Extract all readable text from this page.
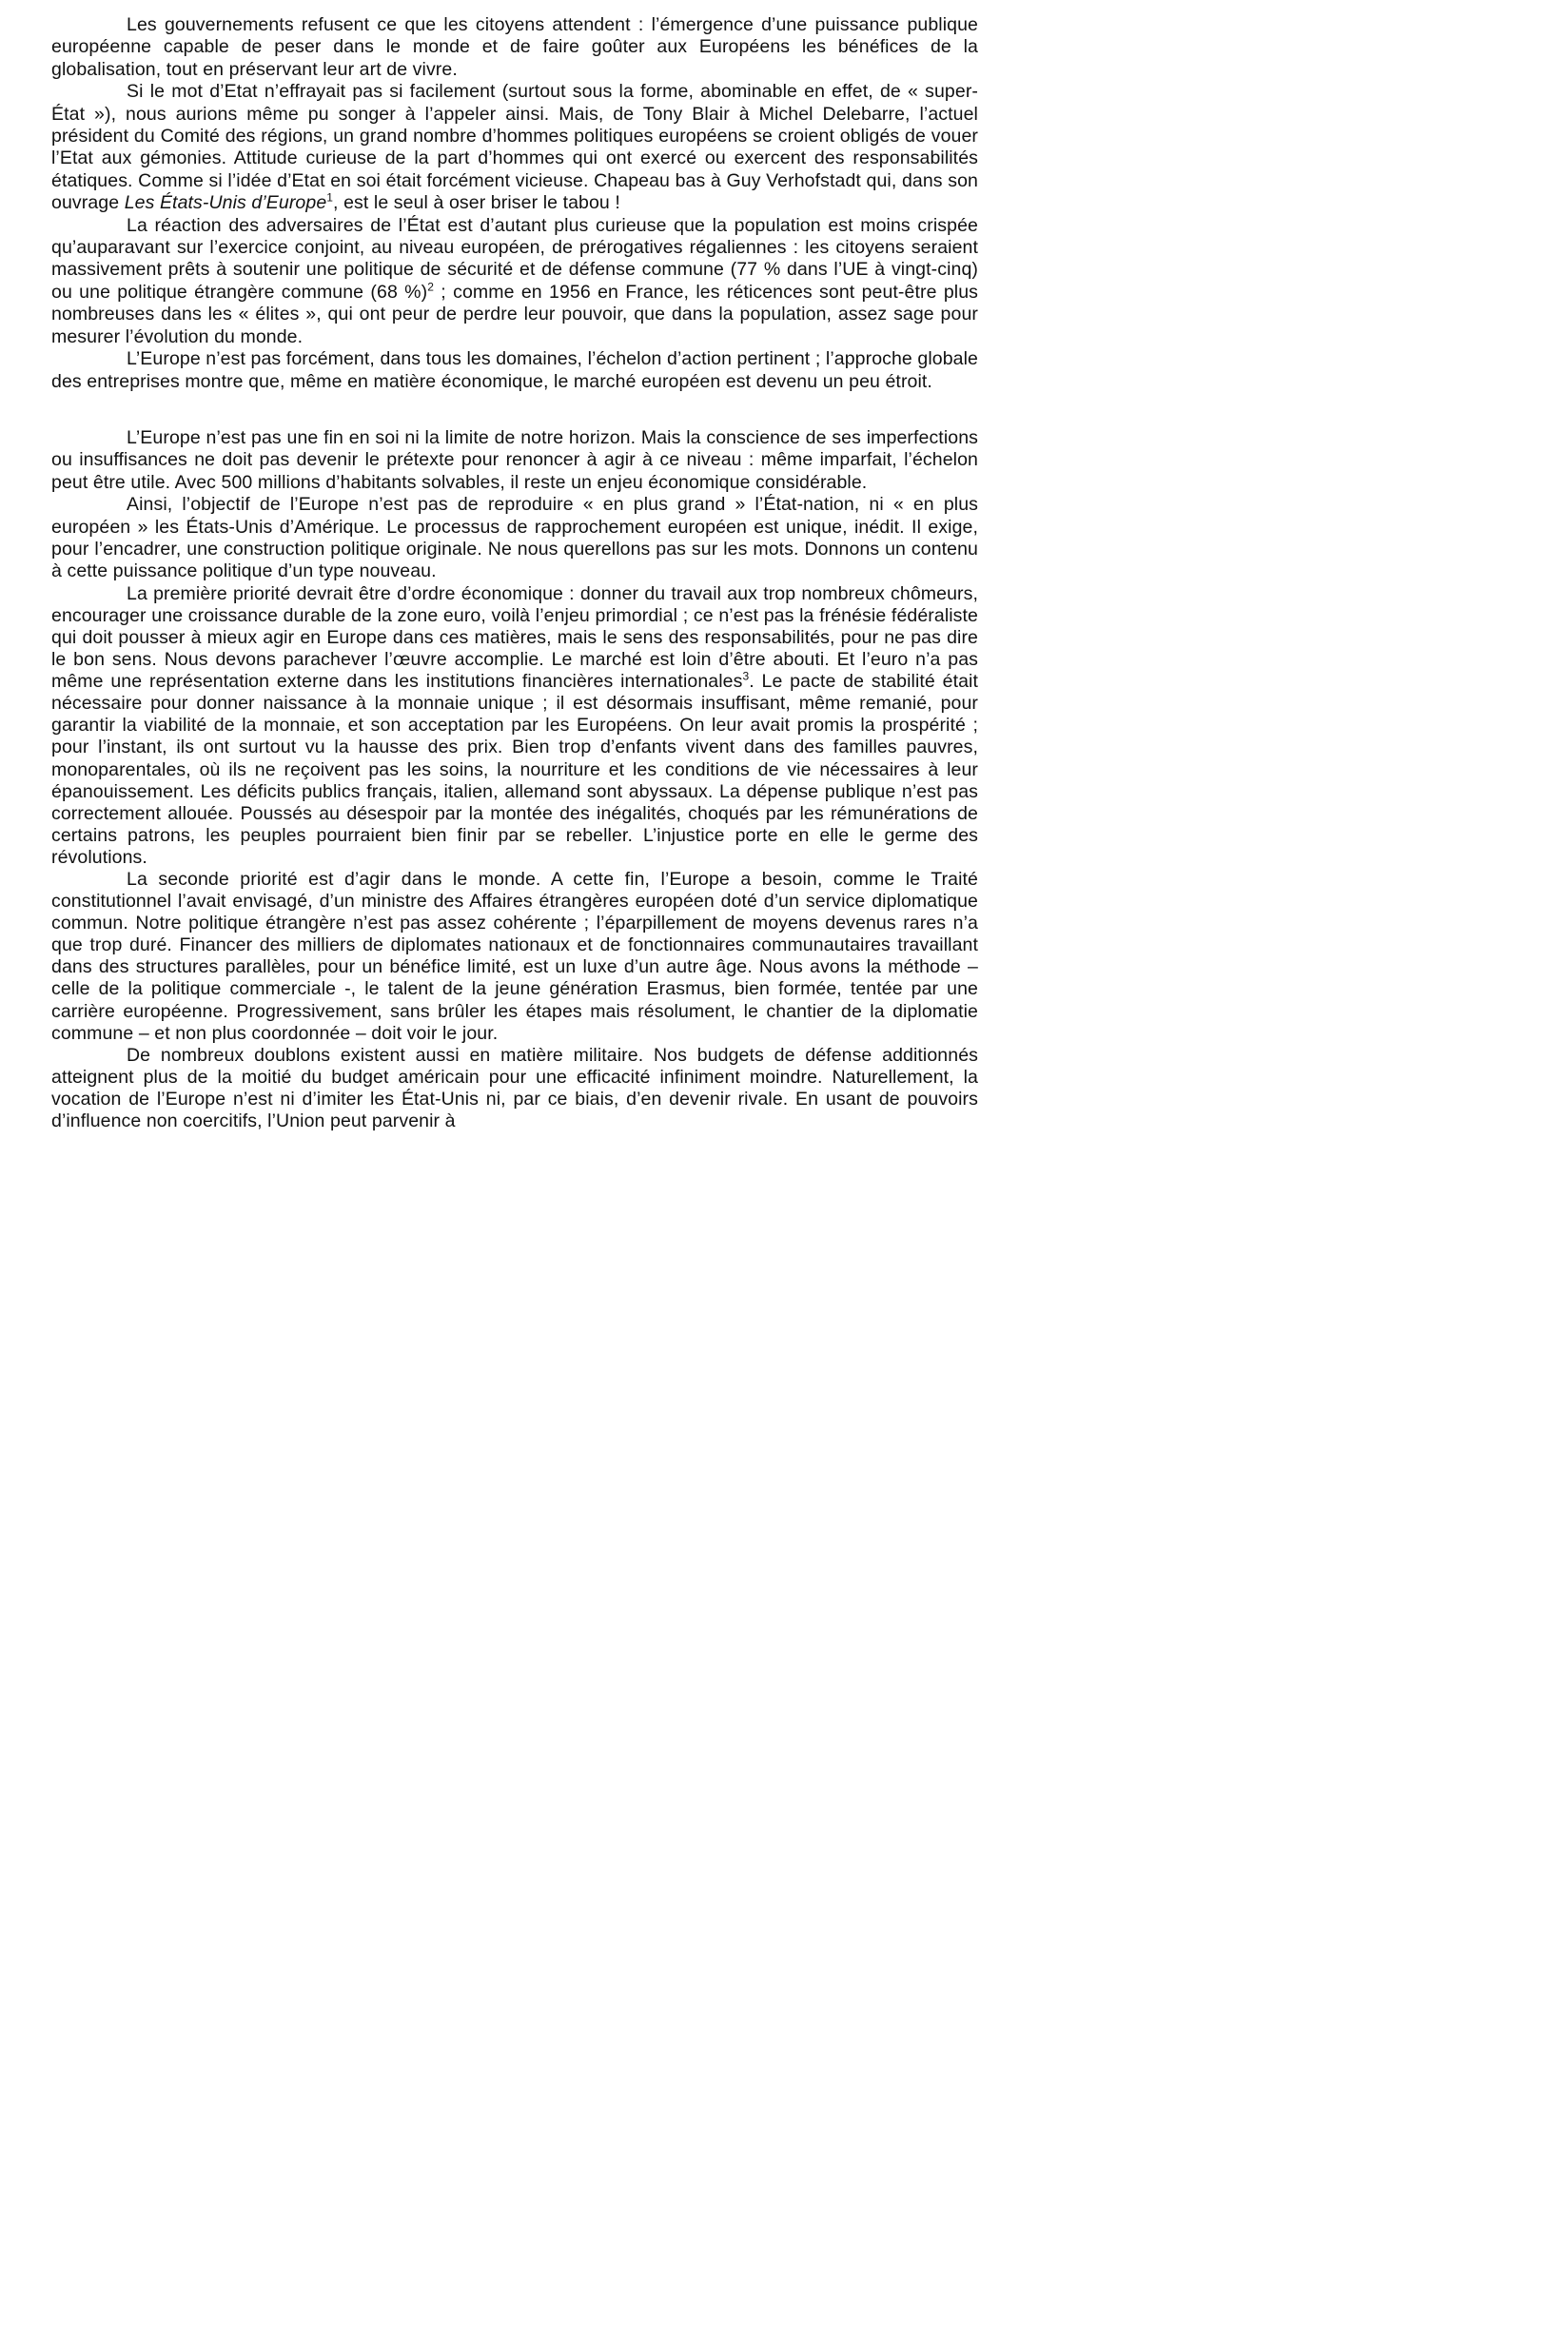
Les gouvernements refusent ce que les citoyens attendent : l’émergence d’une puissance publique européenne capable de peser dans le monde et de faire goûter aux Européens les bénéfices de la globalisation, tout en préservant leur art de vivre.

Si le mot d’Etat n’effrayait pas si facilement (surtout sous la forme, abominable en effet, de « super-État »), nous aurions même pu songer à l’appeler ainsi. Mais, de Tony Blair à Michel Delebarre, l’actuel président du Comité des régions, un grand nombre d’hommes politiques européens se croient obligés de vouer l’Etat aux gémonies. Attitude curieuse de la part d’hommes qui ont exercé ou exercent des responsabilités étatiques. Comme si l’idée d’Etat en soi était forcément vicieuse. Chapeau bas à Guy Verhofstadt qui, dans son ouvrage Les États-Unis d’Europe$^1$, est le seul à oser briser le tabou !

La réaction des adversaires de l’État est d’autant plus curieuse que la population est moins crispée qu’auparavant sur l’exercice conjoint, au niveau européen, de prérogatives régaliennes : les citoyens seraient massivement prêts à soutenir une politique de sécurité et de défense commune (77 % dans l’UE à vingt-cinq) ou une politique étrangère commune (68 %)$^2$ ; comme en 1956 en France, les réticences sont peut-être plus nombreuses dans les « élites », qui ont peur de perdre leur pouvoir, que dans la population, assez sage pour mesurer l’évolution du monde.

L’Europe n’est pas forcément, dans tous les domaines, l’échelon d’action pertinent ; l’approche globale des entreprises montre que, même en matière économique, le marché européen est devenu un peu étroit.

L’Europe n’est pas une fin en soi ni la limite de notre horizon. Mais la conscience de ses imperfections ou insuffisances ne doit pas devenir le prétexte pour renoncer à agir à ce niveau : même imparfait, l’échelon peut être utile. Avec 500 millions d’habitants solvables, il reste un enjeu économique considérable.

Ainsi, l’objectif de l’Europe n’est pas de reproduire « en plus grand » l’État-nation, ni « en plus européen » les États-Unis d’Amérique. Le processus de rapprochement européen est unique, inédit. Il exige, pour l’encadrer, une construction politique originale. Ne nous querellons pas sur les mots. Donnons un contenu à cette puissance politique d’un type nouveau.

La première priorité devrait être d’ordre économique : donner du travail aux trop nombreux chômeurs, encourager une croissance durable de la zone euro, voilà l’enjeu primordial ; ce n’est pas la frénésie fédéraliste qui doit pousser à mieux agir en Europe dans ces matières, mais le sens des responsabilités, pour ne pas dire le bon sens. Nous devons parachever l’œuvre accomplie. Le marché est loin d’être abouti. Et l’euro n’a pas même une représentation externe dans les institutions financières internationales$^3$. Le pacte de stabilité était nécessaire pour donner naissance à la monnaie unique ; il est désormais insuffisant, même remanié, pour garantir la viabilité de la monnaie, et son acceptation par les Européens. On leur avait promis la prospérité ; pour l’instant, ils ont surtout vu la hausse des prix. Bien trop d’enfants vivent dans des familles pauvres, monoparentales, où ils ne reçoivent pas les soins, la nourriture et les conditions de vie nécessaires à leur épanouissement. Les déficits publics français, italien, allemand sont abyssaux. La dépense publique n’est pas correctement allouée. Poussés au désespoir par la montée des inégalités, choqués par les rémunérations de certains patrons, les peuples pourraient bien finir par se rebeller. L’injustice porte en elle le germe des révolutions.

La seconde priorité est d’agir dans le monde. A cette fin, l’Europe a besoin, comme le Traité constitutionnel l’avait envisagé, d’un ministre des Affaires étrangères européen doté d’un service diplomatique commun. Notre politique étrangère n’est pas assez cohérente ; l’éparpillement de moyens devenus rares n’a que trop duré. Financer des milliers de diplomates nationaux et de fonctionnaires communautaires travaillant dans des structures parallèles, pour un bénéfice limité, est un luxe d’un autre âge. Nous avons la méthode – celle de la politique commerciale -, le talent de la jeune génération Erasmus, bien formée, tentée par une carrière européenne. Progressivement, sans brûler les étapes mais résolument, le chantier de la diplomatie commune – et non plus coordonnée – doit voir le jour.

De nombreux doublons existent aussi en matière militaire. Nos budgets de défense additionnés atteignent plus de la moitié du budget américain pour une efficacité infiniment moindre. Naturellement, la vocation de l’Europe n’est ni d’imiter les État-Unis ni, par ce biais, d’en devenir rivale. En usant de pouvoirs d’influence non coercitifs, l’Union peut parvenir à
